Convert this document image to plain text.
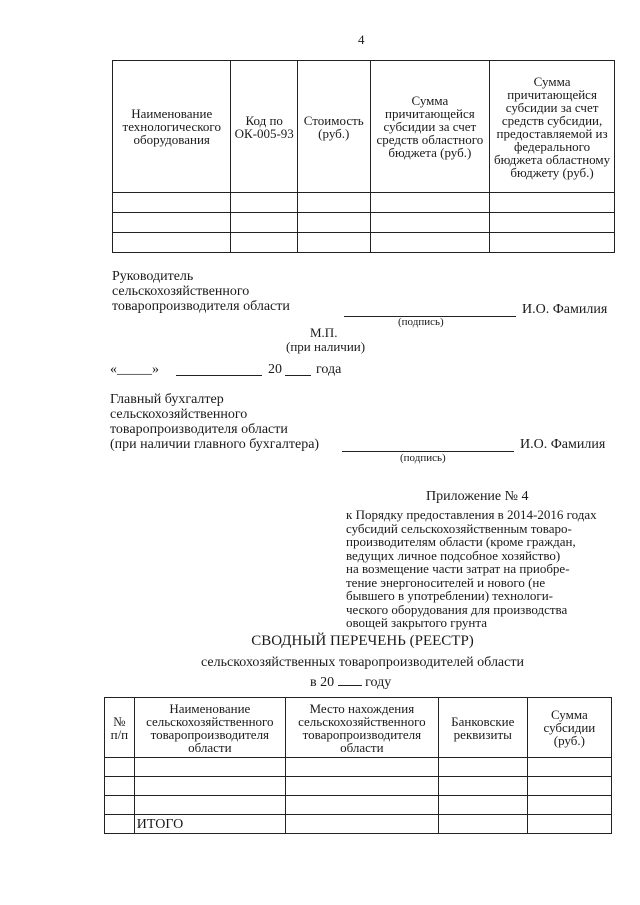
4
Наименование технологического оборудования	Код по ОК-005-93	Стоимость (руб.)	Сумма причитающейся субсидии за счет средств областного бюджета (руб.)	Сумма причитающейся субсидии за счет средств субсидии, предоставляемой из федерального бюджета областному бюджету (руб.)

Руководитель
сельскохозяйственного
товаропроизводителя области	И.О. Фамилия
(подпись)
М.П.
(при наличии)
«_____»	20 года
Главный бухгалтер
сельскохозяйственного
товаропроизводителя области
(при наличии главного бухгалтера)	И.О. Фамилия
(подпись)
Приложение № 4
к Порядку предоставления в 2014-2016 годах
субсидий сельскохозяйственным товаро-
производителям области (кроме граждан,
ведущих личное подсобное хозяйство)
на возмещение части затрат на приобре-
тение энергоносителей и нового (не
бывшего в употреблении) технологи-
ческого оборудования для производства
овощей закрытого грунта
СВОДНЫЙ ПЕРЕЧЕНЬ (РЕЕСТР)
сельскохозяйственных товаропроизводителей области
в 20 году
№ п/п	Наименование сельскохозяйственного товаропроизводителя области	Место нахождения сельскохозяйственного товаропроизводителя области	Банковские реквизиты	Сумма субсидии (руб.)

	ИТОГО			
